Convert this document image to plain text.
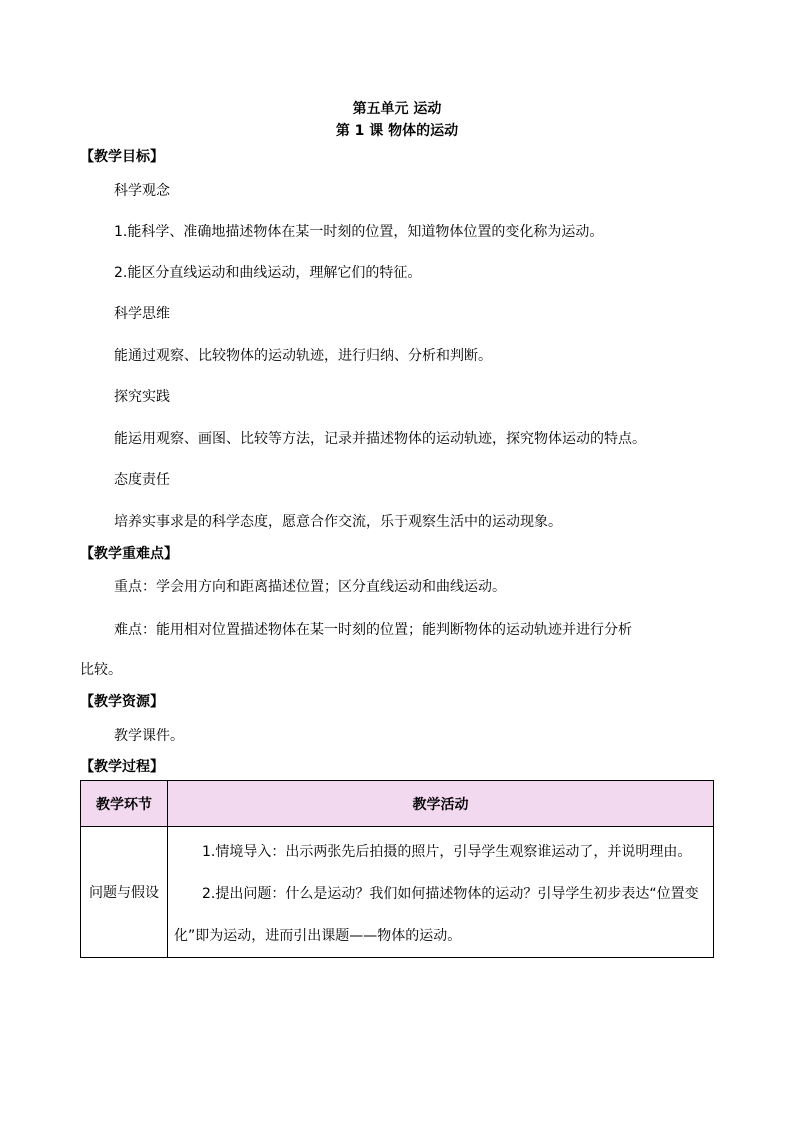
第五单元 运动
第 1 课 物体的运动
【教学目标】
科学观念
1.能科学、准确地描述物体在某一时刻的位置，知道物体位置的变化称为运动。
2.能区分直线运动和曲线运动，理解它们的特征。
科学思维
能通过观察、比较物体的运动轨迹，进行归纳、分析和判断。
探究实践
能运用观察、画图、比较等方法，记录并描述物体的运动轨迹，探究物体运动的特点。
态度责任
培养实事求是的科学态度，愿意合作交流，乐于观察生活中的运动现象。
【教学重难点】
重点：学会用方向和距离描述位置；区分直线运动和曲线运动。
难点：能用相对位置描述物体在某一时刻的位置；能判断物体的运动轨迹并进行分析
比较。
【教学资源】
教学课件。
【教学过程】
教学环节	教学活动
问题与假设	1.情境导入：出示两张先后拍摄的照片，引导学生观察谁运动了，并说明理由。
2.提出问题：什么是运动？我们如何描述物体的运动？引导学生初步表达“位置变化”即为运动，进而引出课题——物体的运动。
